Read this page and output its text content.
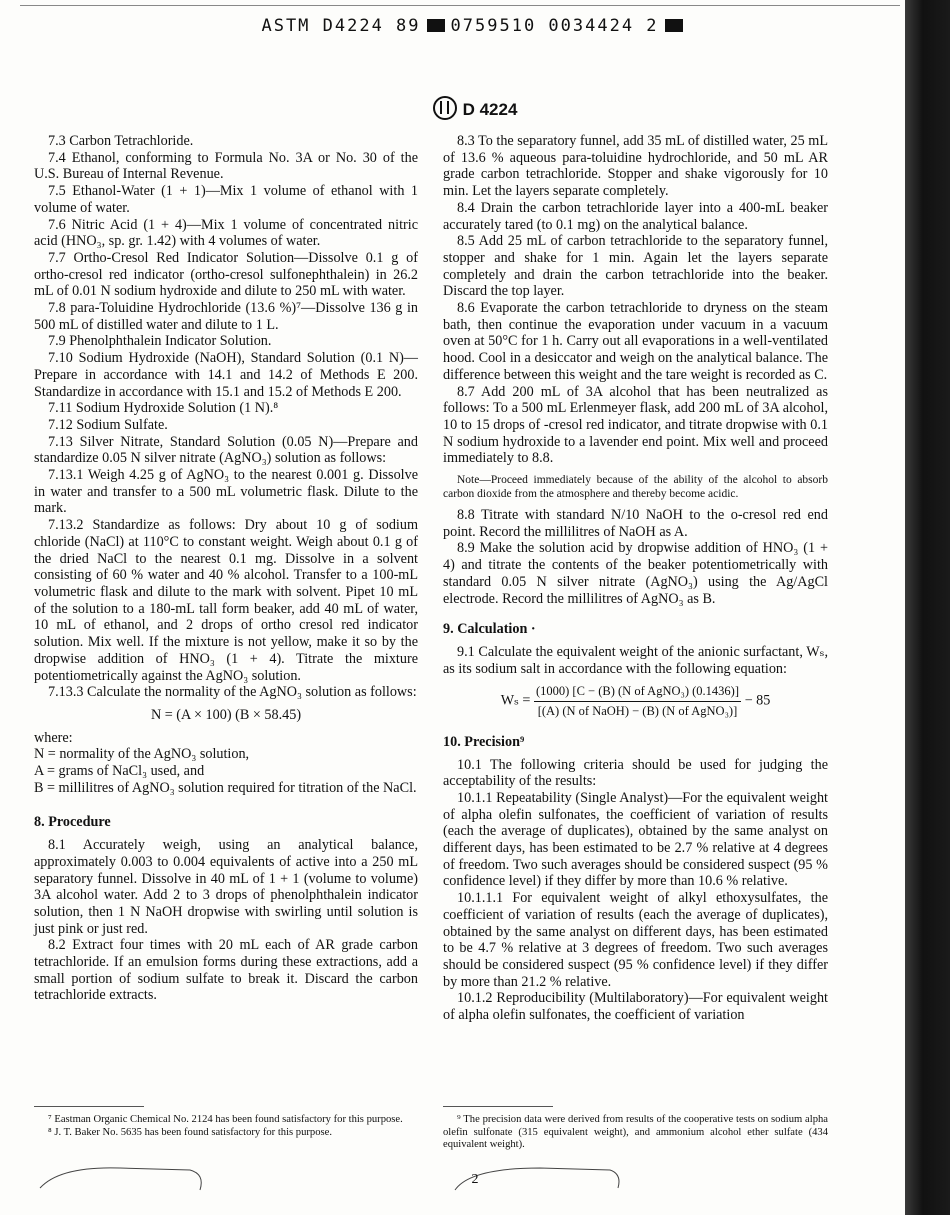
ASTM D4224 89 0759510 0034424 2
D 4224

7.3 Carbon Tetrachloride.

7.4 Ethanol, conforming to Formula No. 3A or No. 30 of the U.S. Bureau of Internal Revenue.

7.5 Ethanol-Water (1 + 1)—Mix 1 volume of ethanol with 1 volume of water.

7.6 Nitric Acid (1 + 4)—Mix 1 volume of concentrated nitric acid (HNO₃, sp. gr. 1.42) with 4 volumes of water.

7.7 Ortho-Cresol Red Indicator Solution—Dissolve 0.1 g of ortho-cresol red indicator (ortho-cresol sulfonephthalein) in 26.2 mL of 0.01 N sodium hydroxide and dilute to 250 mL with water.

7.8 para-Toluidine Hydrochloride (13.6 %)⁷—Dissolve 136 g in 500 mL of distilled water and dilute to 1 L.

7.9 Phenolphthalein Indicator Solution.

7.10 Sodium Hydroxide (NaOH), Standard Solution (0.1 N)—Prepare in accordance with 14.1 and 14.2 of Methods E 200. Standardize in accordance with 15.1 and 15.2 of Methods E 200.

7.11 Sodium Hydroxide Solution (1 N).⁸

7.12 Sodium Sulfate.

7.13 Silver Nitrate, Standard Solution (0.05 N)—Prepare and standardize 0.05 N silver nitrate (AgNO₃) solution as follows:

7.13.1 Weigh 4.25 g of AgNO₃ to the nearest 0.001 g. Dissolve in water and transfer to a 500 mL volumetric flask. Dilute to the mark.

7.13.2 Standardize as follows: Dry about 10 g of sodium chloride (NaCl) at 110°C to constant weight. Weigh about 0.1 g of the dried NaCl to the nearest 0.1 mg. Dissolve in a solvent consisting of 60 % water and 40 % alcohol. Transfer to a 100-mL volumetric flask and dilute to the mark with solvent. Pipet 10 mL of the solution to a 180-mL tall form beaker, add 40 mL of water, 10 mL of ethanol, and 2 drops of ortho cresol red indicator solution. Mix well. If the mixture is not yellow, make it so by the dropwise addition of HNO₃ (1 + 4). Titrate the mixture potentiometrically against the AgNO₃ solution.

7.13.3 Calculate the normality of the AgNO₃ solution as follows:

N = (A × 100) (B × 58.45)

where:

N = normality of the AgNO₃ solution,

A = grams of NaCl₃ used, and

B = millilitres of AgNO₃ solution required for titration of the NaCl.

8. Procedure

8.1 Accurately weigh, using an analytical balance, approximately 0.003 to 0.004 equivalents of active into a 250 mL separatory funnel. Dissolve in 40 mL of 1 + 1 (volume to volume) 3A alcohol water. Add 2 to 3 drops of phenolphthalein indicator solution, then 1 N NaOH dropwise with swirling until solution is just pink or just red.

8.2 Extract four times with 20 mL each of AR grade carbon tetrachloride. If an emulsion forms during these extractions, add a small portion of sodium sulfate to break it. Discard the carbon tetrachloride extracts.

8.3 To the separatory funnel, add 35 mL of distilled water, 25 mL of 13.6 % aqueous para-toluidine hydrochloride, and 50 mL AR grade carbon tetrachloride. Stopper and shake vigorously for 10 min. Let the layers separate completely.

8.4 Drain the carbon tetrachloride layer into a 400-mL beaker accurately tared (to 0.1 mg) on the analytical balance.

8.5 Add 25 mL of carbon tetrachloride to the separatory funnel, stopper and shake for 1 min. Again let the layers separate completely and drain the carbon tetrachloride into the beaker. Discard the top layer.

8.6 Evaporate the carbon tetrachloride to dryness on the steam bath, then continue the evaporation under vacuum in a vacuum oven at 50°C for 1 h. Carry out all evaporations in a well-ventilated hood. Cool in a desiccator and weigh on the analytical balance. The difference between this weight and the tare weight is recorded as C.

8.7 Add 200 mL of 3A alcohol that has been neutralized as follows: To a 500 mL Erlenmeyer flask, add 200 mL of 3A alcohol, 10 to 15 drops of -cresol red indicator, and titrate dropwise with 0.1 N sodium hydroxide to a lavender end point. Mix well and proceed immediately to 8.8.

Note—Proceed immediately because of the ability of the alcohol to absorb carbon dioxide from the atmosphere and thereby become acidic.

8.8 Titrate with standard N/10 NaOH to the o-cresol red end point. Record the millilitres of NaOH as A.

8.9 Make the solution acid by dropwise addition of HNO₃ (1 + 4) and titrate the contents of the beaker potentiometrically with standard 0.05 N silver nitrate (AgNO₃) using the Ag/AgCl electrode. Record the millilitres of AgNO₃ as B.

9. Calculation ·

9.1 Calculate the equivalent weight of the anionic surfactant, Wₛ, as its sodium salt in accordance with the following equation:

$W_s = \frac{\text{(1000) [C − (B) (N of AgNO₃) (0.1436)]}}{\text{[(A) (N of NaOH) − (B) (N of AgNO₃)]}} - 85$
10. Precision⁹

10.1 The following criteria should be used for judging the acceptability of the results:

10.1.1 Repeatability (Single Analyst)—For the equivalent weight of alpha olefin sulfonates, the coefficient of variation of results (each the average of duplicates), obtained by the same analyst on different days, has been estimated to be 2.7 % relative at 4 degrees of freedom. Two such averages should be considered suspect (95 % confidence level) if they differ by more than 10.6 % relative.

10.1.1.1 For equivalent weight of alkyl ethoxysulfates, the coefficient of variation of results (each the average of duplicates), obtained by the same analyst on different days, has been estimated to be 4.7 % relative at 3 degrees of freedom. Two such averages should be considered suspect (95 % confidence level) if they differ by more than 21.2 % relative.

10.1.2 Reproducibility (Multilaboratory)—For equivalent weight of alpha olefin sulfonates, the coefficient of variation

⁷ Eastman Organic Chemical No. 2124 has been found satisfactory for this purpose.
⁸ J. T. Baker No. 5635 has been found satisfactory for this purpose.
⁹ The precision data were derived from results of the cooperative tests on sodium alpha olefin sulfonate (315 equivalent weight), and ammonium alcohol ether sulfate (434 equivalent weight).
2
